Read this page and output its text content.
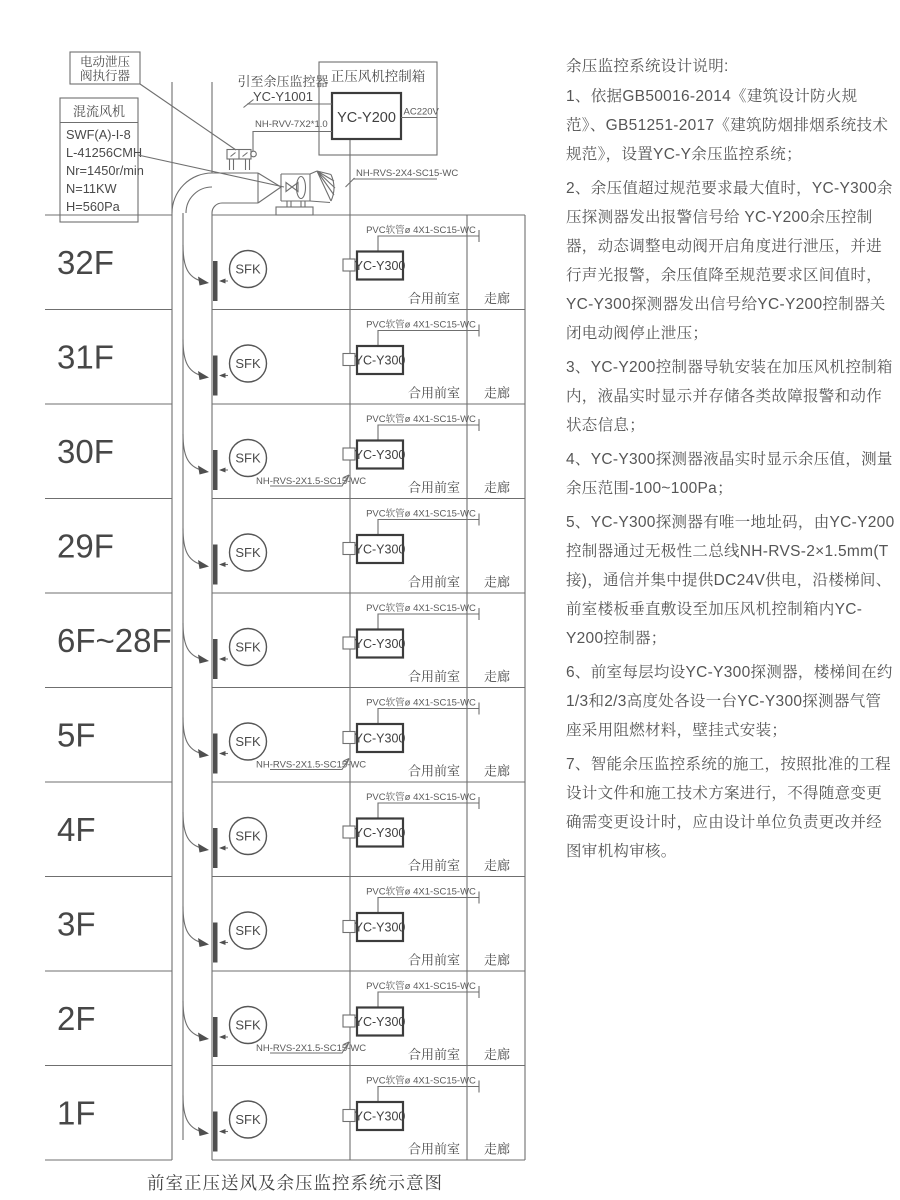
电动泄压
阀执行器
混流风机
SWF(A)-I-8
L-41256CMH
Nr=1450r/min
N=11KW
H=560Pa
正压风机控制箱
YC-Y200 AC220V
引至余压监控器
YC-Y1001
NH-RVV-7X2*1.0
NH-RVS-2X4-SC15-WC
32F	SFK
PVC软管ø 4X1-SC15-WC
YC-Y300
合用前室 走廊
31F	SFK
PVC软管ø 4X1-SC15-WC
YC-Y300
合用前室 走廊
30F	SFK
PVC软管ø 4X1-SC15-WC
YC-Y300
合用前室 走廊
NH-RVS-2X1.5-SC15-WC
29F	SFK
PVC软管ø 4X1-SC15-WC
YC-Y300
合用前室 走廊
6F~28F	SFK
PVC软管ø 4X1-SC15-WC
YC-Y300
合用前室 走廊
5F	SFK
PVC软管ø 4X1-SC15-WC
YC-Y300
合用前室 走廊
NH-RVS-2X1.5-SC15-WC
4F	SFK
PVC软管ø 4X1-SC15-WC
YC-Y300
合用前室 走廊
3F	SFK
PVC软管ø 4X1-SC15-WC
YC-Y300
合用前室 走廊
2F	SFK
PVC软管ø 4X1-SC15-WC
YC-Y300
合用前室 走廊
NH-RVS-2X1.5-SC15-WC
1F	SFK
PVC软管ø 4X1-SC15-WC
YC-Y300
合用前室 走廊
前室正压送风及余压监控系统示意图
余压监控系统设计说明:

1、依据GB50016-2014《建筑设计防火规范》、GB51251-2017《建筑防烟排烟系统技术规范》，设置YC-Y余压监控系统；

2、余压值超过规范要求最大值时，YC-Y300余压探测器发出报警信号给 YC-Y200余压控制器，动态调整电动阀开启角度进行泄压，并进行声光报警，余压值降至规范要求区间值时，YC-Y300探测器发出信号给YC-Y200控制器关闭电动阀停止泄压；

3、YC-Y200控制器导轨安装在加压风机控制箱内，液晶实时显示并存储各类故障报警和动作状态信息；

4、YC-Y300探测器液晶实时显示余压值，测量余压范围-100~100Pa；

5、YC-Y300探测器有唯一地址码，由YC-Y200控制器通过无极性二总线NH-RVS-2×1.5mm(T接)，通信并集中提供DC24V供电，沿楼梯间、前室楼板垂直敷设至加压风机控制箱内YC-Y200控制器；

6、前室每层均设YC-Y300探测器，楼梯间在约1/3和2/3高度处各设一台YC-Y300探测器气管座采用阻燃材料，壁挂式安装；

7、智能余压监控系统的施工，按照批准的工程设计文件和施工技术方案进行，不得随意变更确需变更设计时，应由设计单位负责更改并经图审机构审核。
